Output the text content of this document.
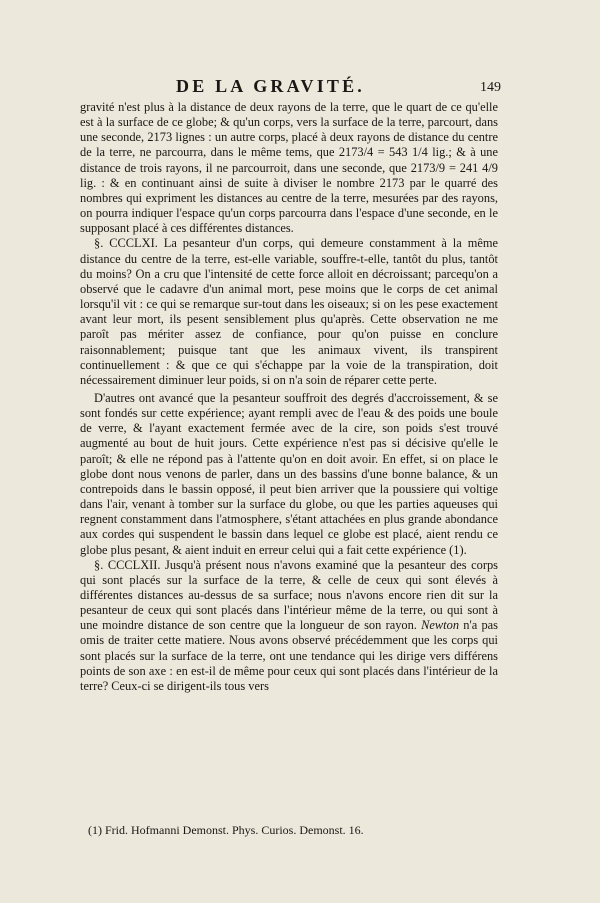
DE LA GRAVITÉ.	149

gravité n'est plus à la distance de deux rayons de la terre, que le quart de ce qu'elle est à la surface de ce globe; & qu'un corps, vers la surface de la terre, parcourt, dans une seconde, 2173 lignes : un autre corps, placé à deux rayons de distance du centre de la terre, ne parcourra, dans le même tems, que 2173/4 = 543 1/4 lig.; & à une distance de trois rayons, il ne parcourroit, dans une seconde, que 2173/9 = 241 4/9 lig. : & en continuant ainsi de suite à diviser le nombre 2173 par le quarré des nombres qui expriment les distances au centre de la terre, mesurées par des rayons, on pourra indiquer l'espace qu'un corps parcourra dans l'espace d'une seconde, en le supposant placé à ces différentes distances.

§. CCCLXI. La pesanteur d'un corps, qui demeure constamment à la même distance du centre de la terre, est-elle variable, souffre-t-elle, tantôt du plus, tantôt du moins? On a cru que l'intensité de cette force alloit en décroissant; parcequ'on a observé que le cadavre d'un animal mort, pese moins que le corps de cet animal lorsqu'il vit : ce qui se remarque sur-tout dans les oiseaux; si on les pese exactement avant leur mort, ils pesent sensiblement plus qu'après. Cette observation ne me paroît pas mériter assez de confiance, pour qu'on puisse en conclure raisonnablement; puisque tant que les animaux vivent, ils transpirent continuellement : & que ce qui s'échappe par la voie de la transpiration, doit nécessairement diminuer leur poids, si on n'a soin de réparer cette perte.

D'autres ont avancé que la pesanteur souffroit des degrés d'accroissement, & se sont fondés sur cette expérience; ayant rempli avec de l'eau & des poids une boule de verre, & l'ayant exactement fermée avec de la cire, son poids s'est trouvé augmenté au bout de huit jours. Cette expérience n'est pas si décisive qu'elle le paroît; & elle ne répond pas à l'attente qu'on en doit avoir. En effet, si on place le globe dont nous venons de parler, dans un des bassins d'une bonne balance, & un contrepoids dans le bassin opposé, il peut bien arriver que la poussiere qui voltige dans l'air, venant à tomber sur la surface du globe, ou que les parties aqueuses qui regnent constamment dans l'atmosphere, s'étant attachées en plus grande abondance aux cordes qui suspendent le bassin dans lequel ce globe est placé, aient rendu ce globe plus pesant, & aient induit en erreur celui qui a fait cette expérience (1).

§. CCCLXII. Jusqu'à présent nous n'avons examiné que la pesanteur des corps qui sont placés sur la surface de la terre, & celle de ceux qui sont élevés à différentes distances au-dessus de sa surface; nous n'avons encore rien dit sur la pesanteur de ceux qui sont placés dans l'intérieur même de la terre, ou qui sont à une moindre distance de son centre que la longueur de son rayon. Newton n'a pas omis de traiter cette matiere. Nous avons observé précédemment que les corps qui sont placés sur la surface de la terre, ont une tendance qui les dirige vers différens points de son axe : en est-il de même pour ceux qui sont placés dans l'intérieur de la terre? Ceux-ci se dirigent-ils tous vers

(1) Frid. Hofmanni Demonst. Phys. Curios. Demonst. 16.
